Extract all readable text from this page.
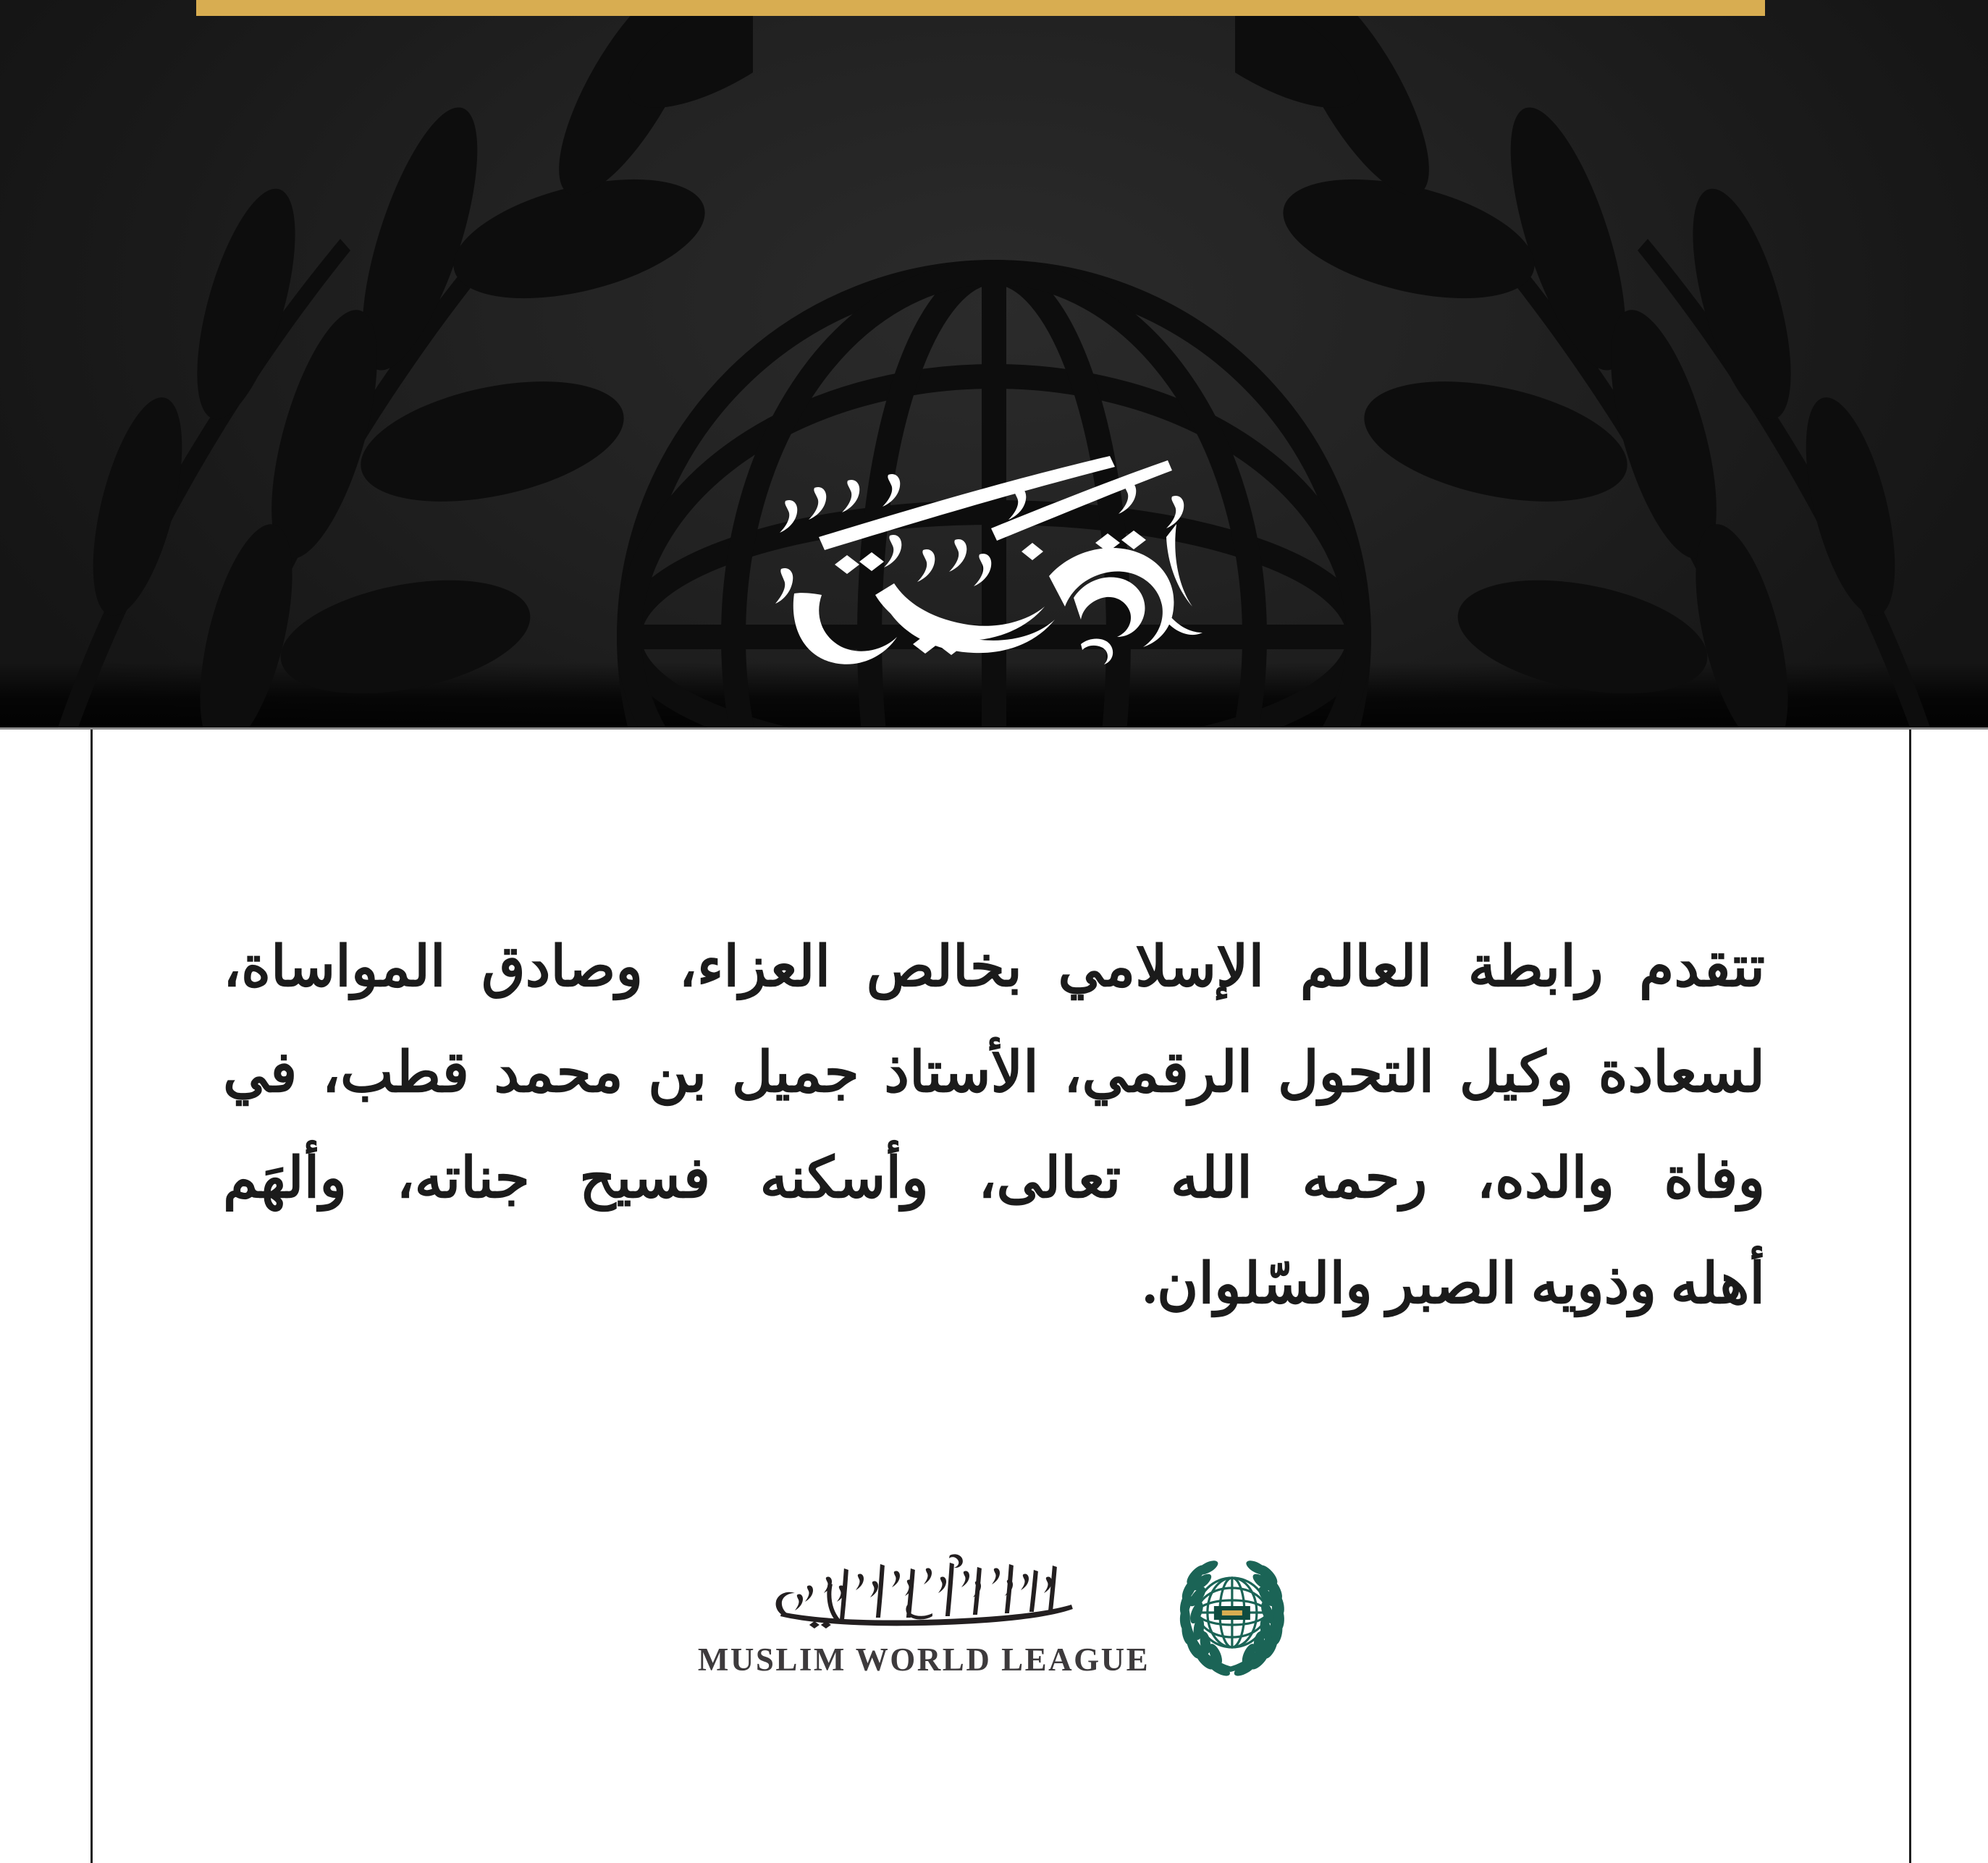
تتقدم رابطة العالم الإسلامي بخالص العزاء، وصادق المواساة، لسعادة وكيل التحول الرقمي، الأستاذ جميل بن محمد قطب، في وفاة والده، رحمه الله تعالى، وأسكنه فسيح جناته، وألهَم
أهله وذويه الصبر والسّلوان.
MUSLIM WORLD LEAGUE
